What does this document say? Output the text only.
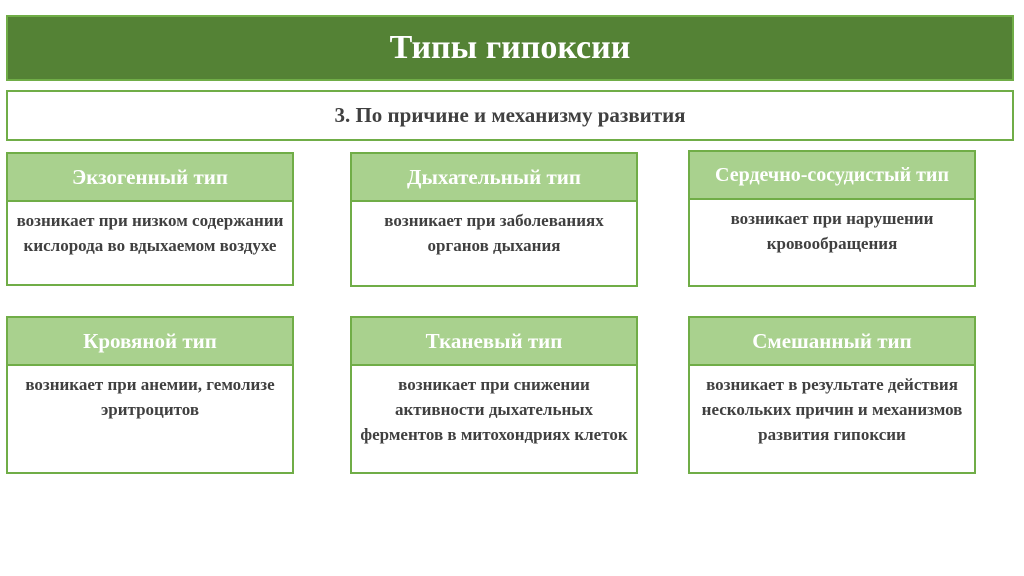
Типы гипоксии
3. По причине и механизму развития
Экзогенный тип
возникает при низком содержании кислорода во вдыхаемом воздухе
Дыхательный тип
возникает при заболеваниях органов дыхания
Сердечно-сосудистый тип
возникает при нарушении кровообращения
Кровяной тип
возникает при анемии, гемолизе эритроцитов
Тканевый тип
возникает при снижении активности дыхательных ферментов в митохондриях клеток
Смешанный тип
возникает в результате действия нескольких причин и механизмов развития гипоксии
